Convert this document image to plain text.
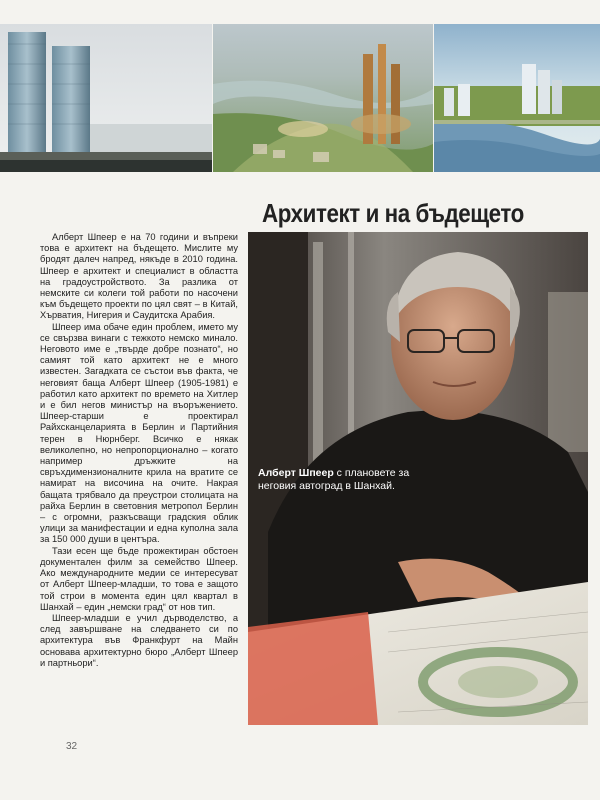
Архитект и на бъдещето

Алберт Шпеер е на 70 години и въпреки това е архитект на бъдещето. Мислите му бродят далеч напред, някъде в 2010 година. Шпеер е архитект и специалист в областта на градоустройството. За разлика от немските си колеги той работи по насочени към бъдещето проекти по цял свят – в Китай, Хърватия, Нигерия и Саудитска Арабия.

Шпеер има обаче един проблем, името му се свързва винаги с тежкото немско минало. Неговото име е „твърде добре познато“, но самият той като архитект не е много известен. Загадката се състои във факта, че неговият баща Алберт Шпеер (1905-1981) е работил като архитект по времето на Хитлер и е бил негов министър на въоръжението. Шпеер-старши е проектирал Райхсканцеларията в Берлин и Партийния терен в Нюрнберг. Всичко е някак великолепно, но непропорционално – когато например дръжките на свръхдимензионалните крила на вратите се намират на височина на очите. Накрая бащата трябвало да преустрои столицата на райха Берлин в световния метропол Берлин – с огромни, разкъсващи градския облик улици за манифестации и една куполна зала за 150 000 души в центъра.

Тази есен ще бъде прожектиран обстоен документален филм за семейство Шпеер. Ако международните медии се интересуват от Алберт Шпеер-младши, то това е защото той строи в момента един цял квартал в Шанхай – един „немски град“ от нов тип.

Шпеер-младши е учил дърводелство, а след завършване на следването си по архитектура във Франкфурт на Майн основава архитектурно бюро „Алберт Шпеер и партньори“.

Алберт Шпеер с плановете за неговия автоград в Шанхай.
32
